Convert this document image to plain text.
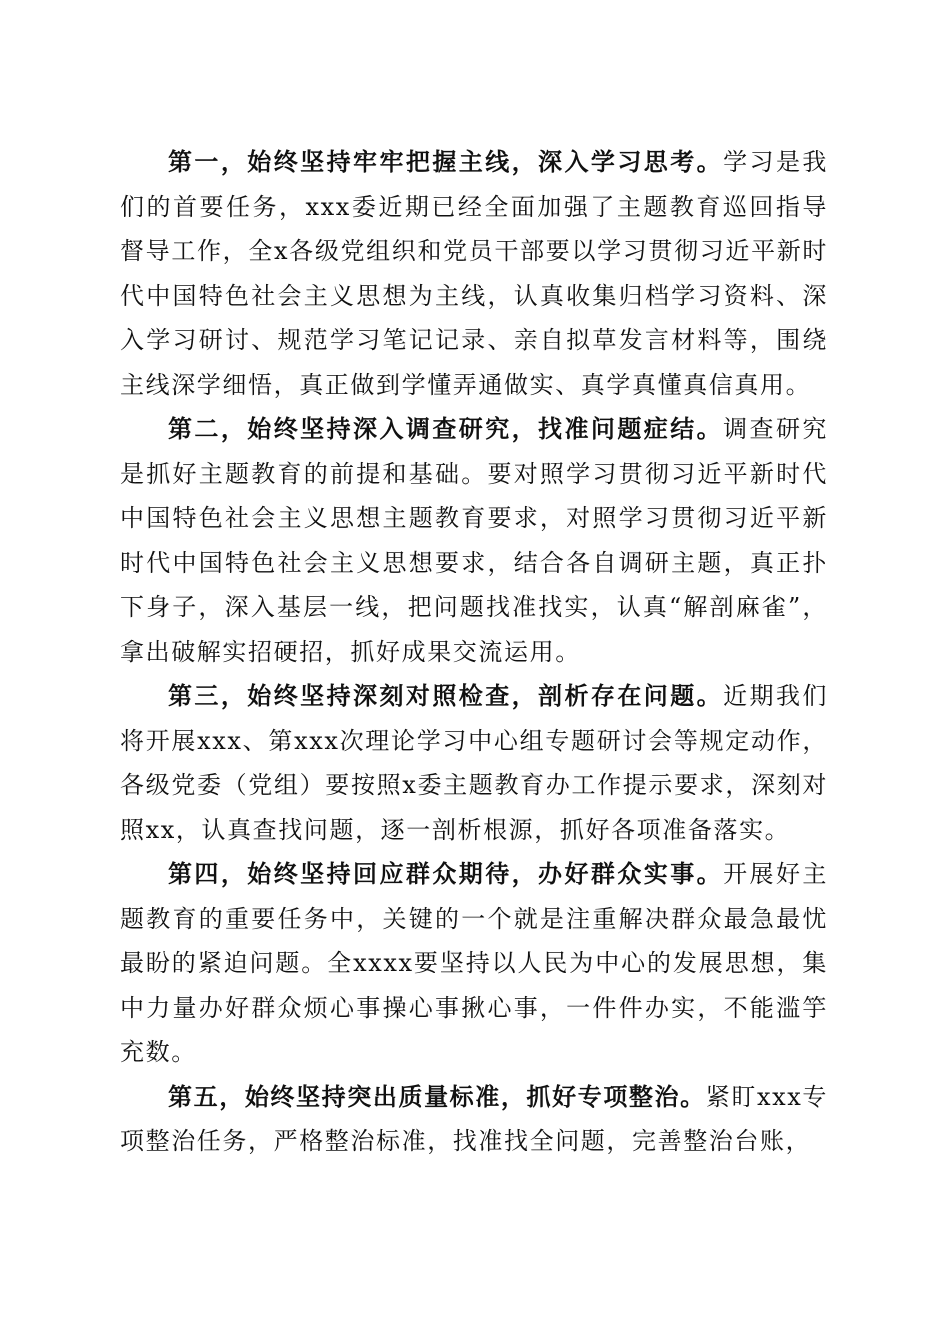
第一，始终坚持牢牢把握主线，深入学习思考。学习是我们的首要任务，xxx委近期已经全面加强了主题教育巡回指导督导工作，全x各级党组织和党员干部要以学习贯彻习近平新时代中国特色社会主义思想为主线，认真收集归档学习资料、深入学习研讨、规范学习笔记记录、亲自拟草发言材料等，围绕主线深学细悟，真正做到学懂弄通做实、真学真懂真信真用。

第二，始终坚持深入调查研究，找准问题症结。调查研究是抓好主题教育的前提和基础。要对照学习贯彻习近平新时代中国特色社会主义思想主题教育要求，对照学习贯彻习近平新时代中国特色社会主义思想要求，结合各自调研主题，真正扑下身子，深入基层一线，把问题找准找实，认真“解剖麻雀”，拿出破解实招硬招，抓好成果交流运用。

第三，始终坚持深刻对照检查，剖析存在问题。近期我们将开展xxx、第xxx次理论学习中心组专题研讨会等规定动作，各级党委（党组）要按照x委主题教育办工作提示要求，深刻对照xx，认真查找问题，逐一剖析根源，抓好各项准备落实。

第四，始终坚持回应群众期待，办好群众实事。开展好主题教育的重要任务中，关键的一个就是注重解决群众最急最忧最盼的紧迫问题。全xxxx要坚持以人民为中心的发展思想，集中力量办好群众烦心事操心事揪心事，一件件办实，不能滥竽充数。

第五，始终坚持突出质量标准，抓好专项整治。紧盯xxx专项整治任务，严格整治标准，找准找全问题，完善整治台账，
